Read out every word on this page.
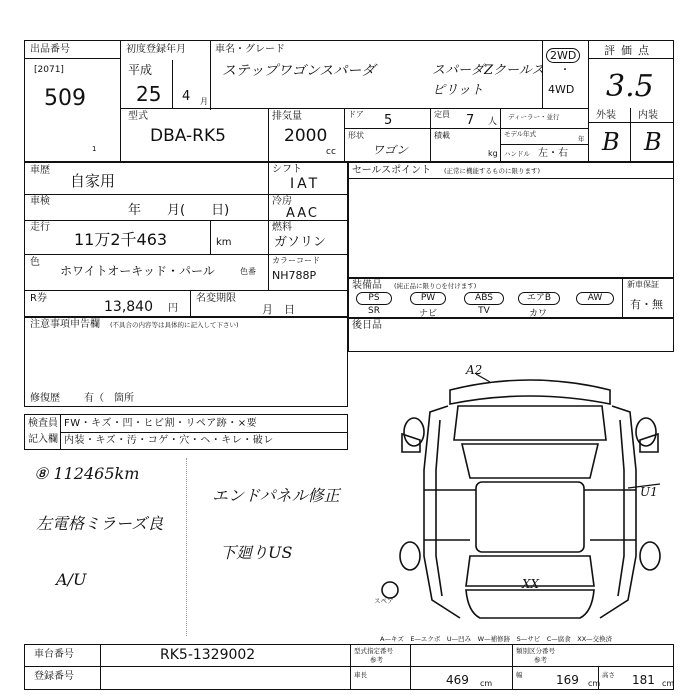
出品番号
[2071]
509
1
初度登録年月
平成
25 4 月
車名・グレード
ステップワゴンスパーダ	スパーダZクールス
ピリット
2WD
・
4WD
評価点
3.5
型式
DBA-RK5
排気量
2000
cc
ドア 5	定員 7 人
形状
ワゴン
積載
kg
ディーラー・並行
モデル年式
年
ハンドル 左・右
外装 内装
B B
車歴
自家用
車検
年　　月(　　日)
走行
11万2千463	km
色
ホワイトオーキッド・パール	色番
R券
13,840 円
名変期限
月　日
シフト
IAT
冷房
AAC
燃料
ガソリン
カラーコード
NH788P
セールスポイント (正常に機能するものに限ります)
装備品 (純正品に限り○を付けます)	新車保証
有・無
PS	PW	ABS	エアB	AW
SR	ナビ	TV	カワ
注意事項申告欄 (不具合の内容等は具体的に記入して下さい)
修復歴 有（ 箇所
後日品
検査員
記入欄
FW・キズ・凹・ヒビ割・リペア跡・×要
内装・キズ・汚・コゲ・穴・ヘ・キレ・破レ
⑧ 112465km
左電格ミラーズ良
A/U
エンドパネル修正
下廻りUS
A2
U1
XX
スペア
A—キズ　E—エクボ　U—凹み　W—補修跡　S—サビ　C—腐食　XX—交換済
車台番号	RK5-1329002
登録番号
型式指定番号
参考
類別区分番号
参考
車長	469 cm
幅	169 cm
高さ 181 cm
